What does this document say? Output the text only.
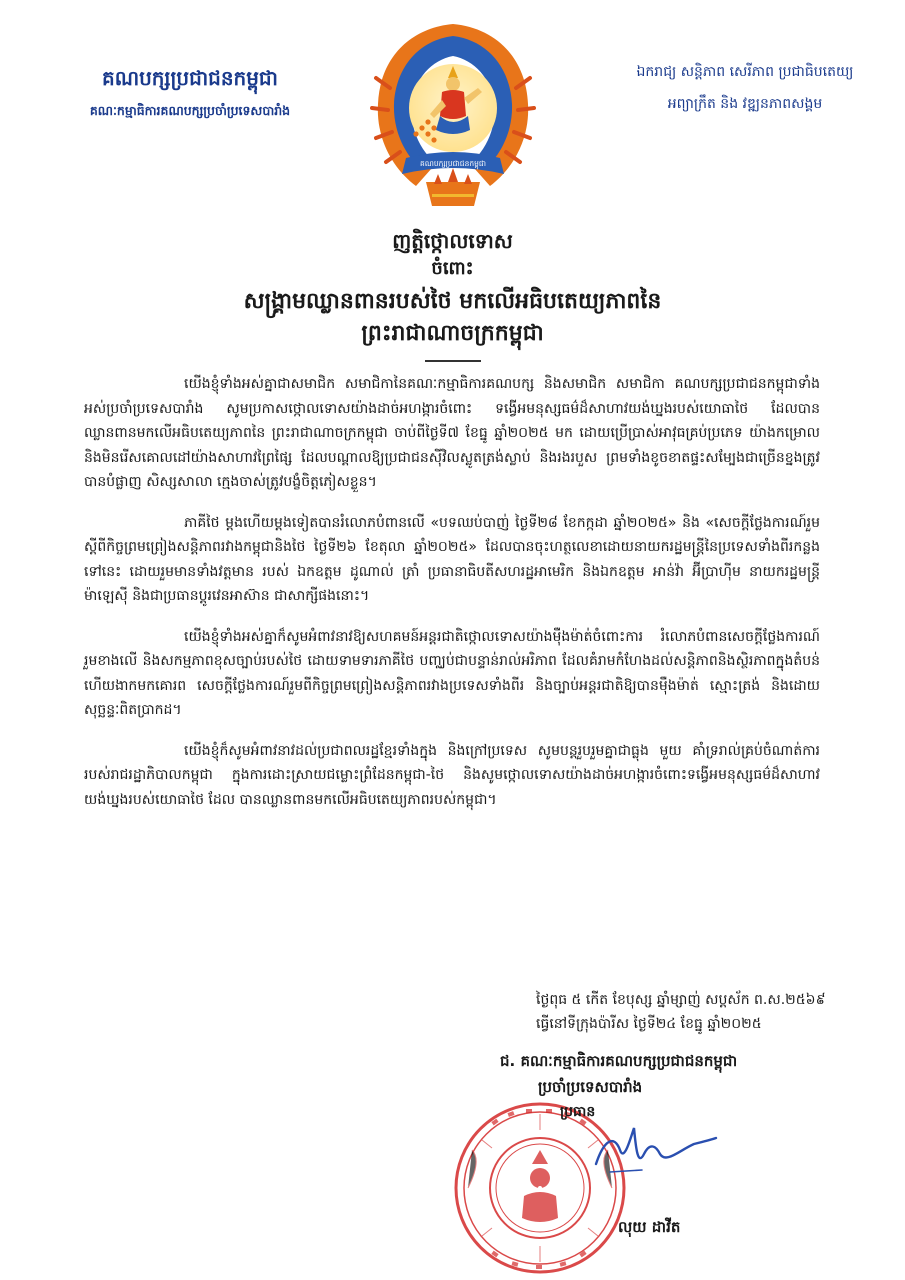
គណបក្សប្រជាជនកម្ពុជា
គណៈកម្មាធិការគណបក្សប្រចាំប្រទេសបារាំង
គណបក្សប្រជាជនកម្ពុជា
ឯករាជ្យ សន្តិភាព សេរីភាព ប្រជាធិបតេយ្យ
អព្យាក្រឹត និង វឌ្ឍនភាពសង្គម
ញត្តិថ្កោលទោស
ចំពោះ
សង្គ្រាមឈ្លានពានរបស់ថៃ មកលើអធិបតេយ្យភាពនៃ
ព្រះរាជាណាចក្រកម្ពុជា

យើងខ្ញុំទាំងអស់គ្នាជាសមាជិក សមាជិកានៃគណៈកម្មាធិការគណបក្ស និងសមាជិក សមាជិកា គណបក្សប្រជាជនកម្ពុជាទាំងអស់ប្រចាំប្រទេសបារាំង សូមប្រកាសថ្កោលទោសយ៉ាងដាច់អហង្ការចំពោះ ទង្វើអមនុស្សធម៌ដ៏សាហាវយង់ឃ្នងរបស់យោធាថៃ ដែលបានឈ្លានពានមកលើអធិបតេយ្យភាពនៃ ព្រះរាជាណាចក្រកម្ពុជា ចាប់ពីថ្ងៃទី៧ ខែធ្នូ ឆ្នាំ២០២៥ មក ដោយប្រើប្រាស់អាវុធគ្រប់ប្រភេទ យ៉ាងកម្រោល និងមិនរើសគោលដៅយ៉ាងសាហាវព្រៃផ្សៃ ដែលបណ្តាលឱ្យប្រជាជនស៊ីវិលស្លូតត្រង់ស្លាប់ និងរងរបួស ព្រមទាំងខូចខាតផ្ទះសម្បែងជាច្រើនខ្នងត្រូវបានបំផ្លាញ សិស្សសាលា ក្មេងចាស់ត្រូវបង្ខំចិត្តភៀសខ្លួន។

ភាគីថៃ ម្តងហើយម្តងទៀតបានរំលោភបំពានលើ «បទឈប់បាញ់ ថ្ងៃទី២៨ ខែកក្កដា ឆ្នាំ២០២៥» និង «សេចក្តីថ្លែងការណ៍រួមស្តីពីកិច្ចព្រមព្រៀងសន្តិភាពរវាងកម្ពុជានិងថៃ ថ្ងៃទី២៦ ខែតុលា ឆ្នាំ២០២៥» ដែលបានចុះហត្ថលេខាដោយនាយករដ្ឋមន្ត្រីនៃប្រទេសទាំងពីរកន្លងទៅនេះ ដោយរួមមានទាំងវត្តមាន របស់ ឯកឧត្តម ដូណាល់ ត្រាំ ប្រធានាធិបតីសហរដ្ឋអាមេរិក និងឯកឧត្តម អាន់វ៉ា អ៊ីប្រាហ៊ីម នាយករដ្ឋមន្ត្រី ម៉ាឡេស៊ី និងជាប្រធានប្តូរវេនអាស៊ាន ជាសាក្សីផងនោះ។

យើងខ្ញុំទាំងអស់គ្នាក៏សូមអំពាវនាវឱ្យសហគមន៍អន្តរជាតិថ្កោលទោសយ៉ាងម៉ឺងម៉ាត់ចំពោះការ រំលោភបំពានសេចក្តីថ្លែងការណ៍រួមខាងលើ និងសកម្មភាពខុសច្បាប់របស់ថៃ ដោយទាមទារភាគីថៃ បញ្ឈប់ជាបន្ទាន់រាល់អរិភាព ដែលគំរាមកំហែងដល់សន្តិភាពនិងស្ថិរភាពក្នុងតំបន់ ហើយងាកមកគោរព សេចក្តីថ្លែងការណ៍រួមពីកិច្ចព្រមព្រៀងសន្តិភាពរវាងប្រទេសទាំងពីរ និងច្បាប់អន្តរជាតិឱ្យបានម៉ឺងម៉ាត់ ស្មោះត្រង់ និងដោយសុច្ឆន្ទៈពិតប្រាកដ។

យើងខ្ញុំក៏សូមអំពាវនាវដល់ប្រជាពលរដ្ឋខ្មែរទាំងក្នុង និងក្រៅប្រទេស សូមបន្តរួបរួមគ្នាជាធ្លុង មួយ គាំទ្ររាល់គ្រប់ចំណាត់ការរបស់រាជរដ្ឋាភិបាលកម្ពុជា ក្នុងការដោះស្រាយជម្លោះព្រំដែនកម្ពុជា-ថៃ និងសូមថ្កោលទោសយ៉ាងដាច់អហង្ការចំពោះទង្វើអមនុស្សធម៌ដ៏សាហាវយង់ឃ្នងរបស់យោធាថៃ ដែល បានឈ្លានពានមកលើអធិបតេយ្យភាពរបស់កម្ពុជា។

ថ្ងៃពុធ ៥ កើត ខែបុស្ស ឆ្នាំម្សាញ់ សប្តស័ក ព.ស.២៥៦៩
ធ្វើនៅទីក្រុងប៉ារីស ថ្ងៃទី២៤ ខែធ្នូ ឆ្នាំ២០២៥
ជ. គណៈកម្មាធិការគណបក្សប្រជាជនកម្ពុជា
ប្រចាំប្រទេសបារាំង
ប្រធាន
លុយ ដាវីត
